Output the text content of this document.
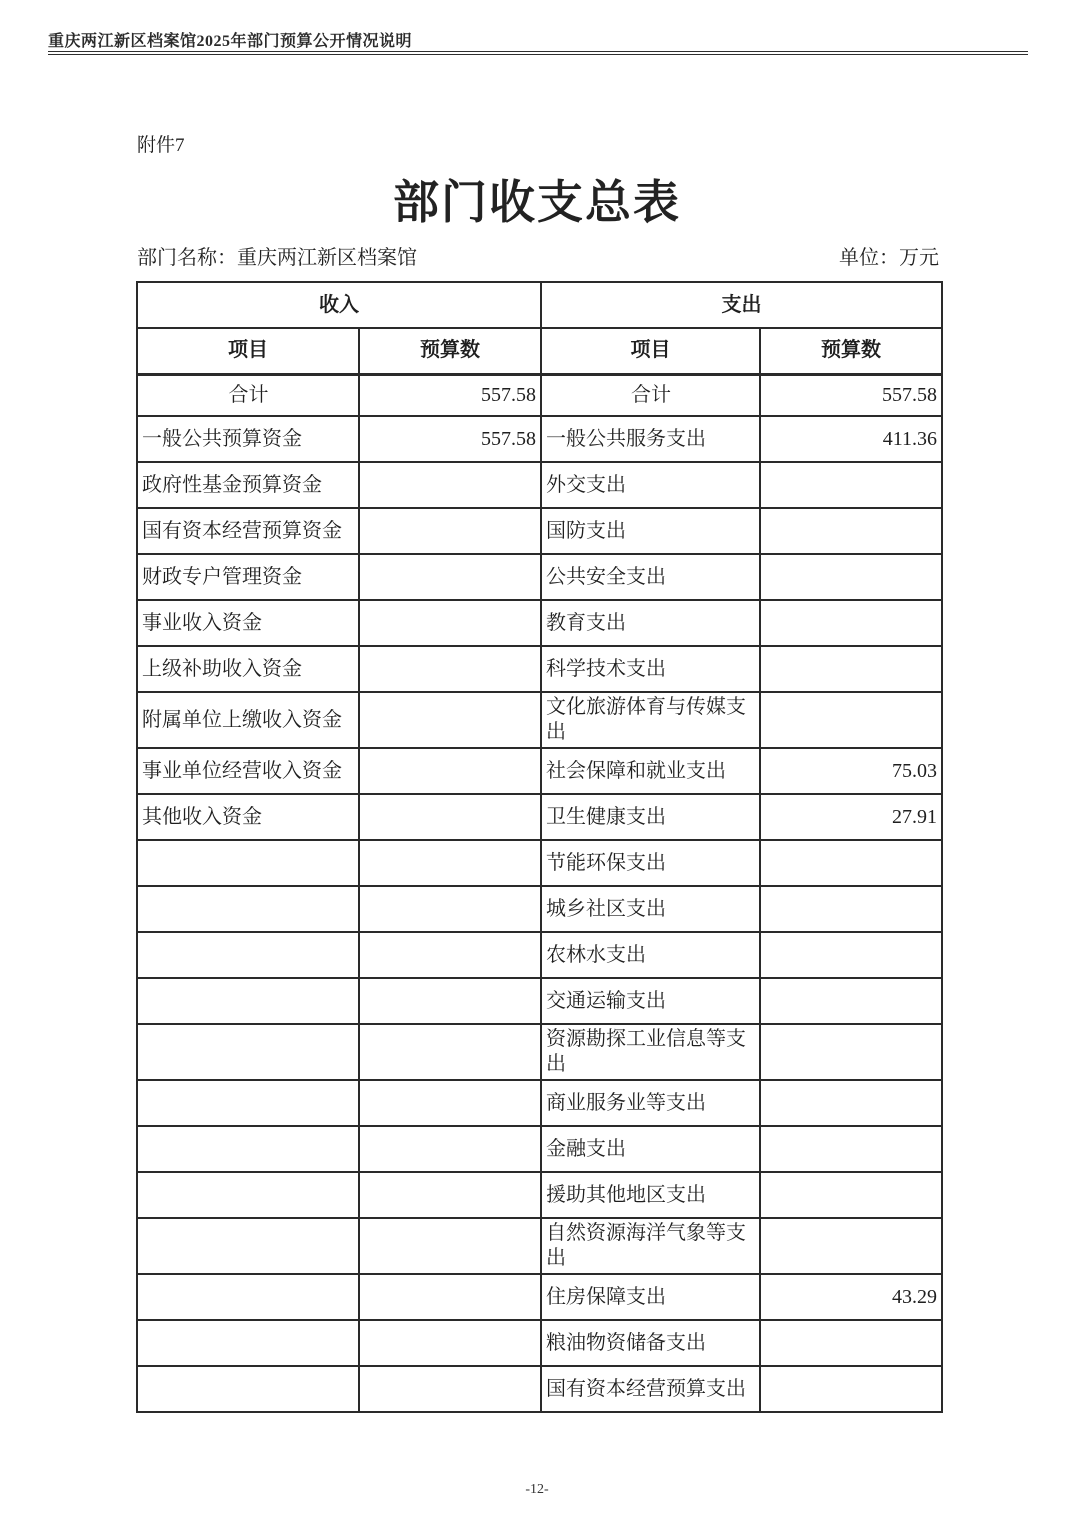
重庆两江新区档案馆2025年部门预算公开情况说明
附件7
部门收支总表
部门名称：重庆两江新区档案馆	单位：万元
收入		支出	
项目	预算数	项目	预算数
合计	557.58	合计	557.58
一般公共预算资金	557.58	一般公共服务支出	411.36
政府性基金预算资金		外交支出	
国有资本经营预算资金		国防支出	
财政专户管理资金		公共安全支出	
事业收入资金		教育支出	
上级补助收入资金		科学技术支出	
附属单位上缴收入资金		文化旅游体育与传媒支出	
事业单位经营收入资金		社会保障和就业支出	75.03
其他收入资金		卫生健康支出	27.91
		节能环保支出	
		城乡社区支出	
		农林水支出	
		交通运输支出	
		资源勘探工业信息等支出	
		商业服务业等支出	
		金融支出	
		援助其他地区支出	
		自然资源海洋气象等支出	
		住房保障支出	43.29
		粮油物资储备支出	
		国有资本经营预算支出	
-12-
